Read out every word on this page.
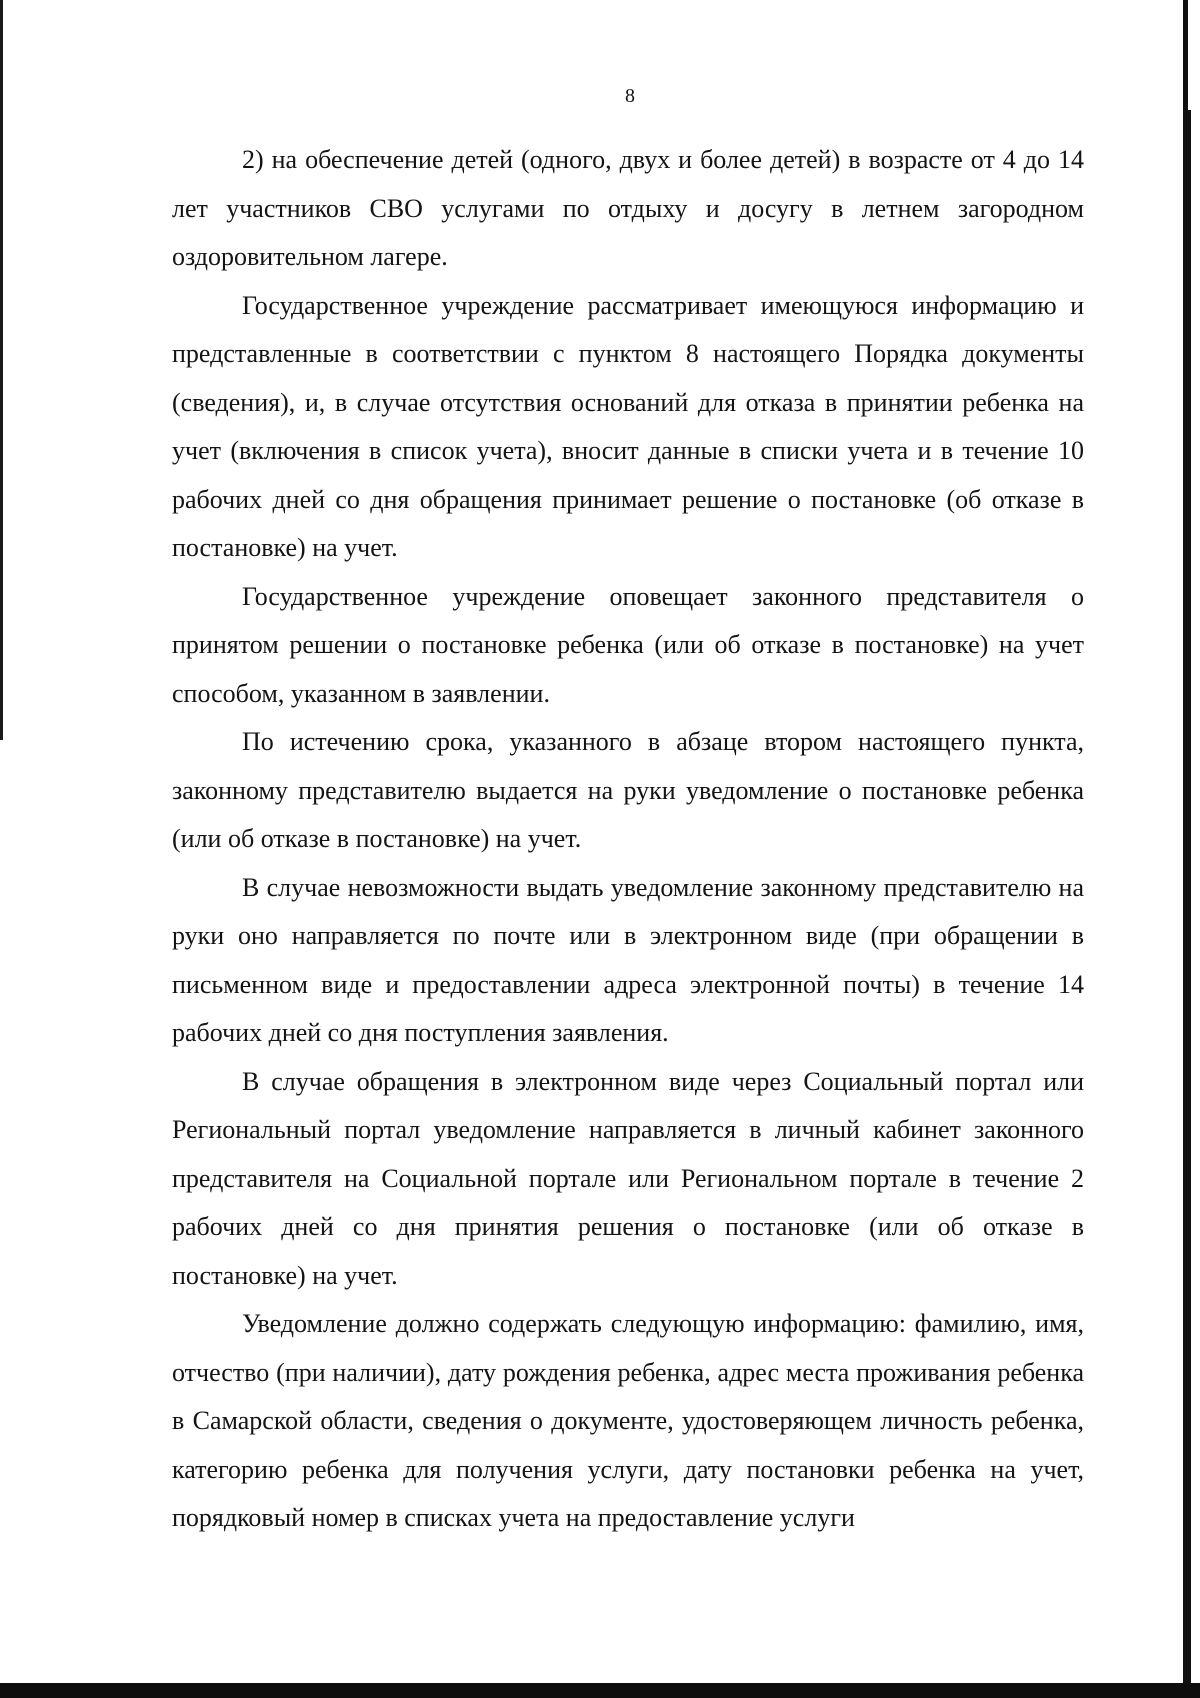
8

2) на обеспечение детей (одного, двух и более детей) в возрасте от 4 до 14 лет участников СВО услугами по отдыху и досугу в летнем загородном оздоровительном лагере.

Государственное учреждение рассматривает имеющуюся информацию и представленные в соответствии с пунктом 8 настоящего Порядка документы (сведения), и, в случае отсутствия оснований для отказа в принятии ребенка на учет (включения в список учета), вносит данные в списки учета и в течение 10 рабочих дней со дня обращения принимает решение о постановке (об отказе в постановке) на учет.

Государственное учреждение оповещает законного представителя о принятом решении о постановке ребенка (или об отказе в постановке) на учет способом, указанном в заявлении.

По истечению срока, указанного в абзаце втором настоящего пункта, законному представителю выдается на руки уведомление о постановке ребенка (или об отказе в постановке) на учет.

В случае невозможности выдать уведомление законному представителю на руки оно направляется по почте или в электронном виде (при обращении в письменном виде и предоставлении адреса электронной почты) в течение 14 рабочих дней со дня поступления заявления.

В случае обращения в электронном виде через Социальный портал или Региональный портал уведомление направляется в личный кабинет законного представителя на Социальной портале или Региональном портале в течение 2 рабочих дней со дня принятия решения о постановке (или об отказе в постановке) на учет.

Уведомление должно содержать следующую информацию: фамилию, имя, отчество (при наличии), дату рождения ребенка, адрес места проживания ребенка в Самарской области, сведения о документе, удостоверяющем личность ребенка, категорию ребенка для получения услуги, дату постановки ребенка на учет, порядковый номер в списках учета на предоставление услуги
